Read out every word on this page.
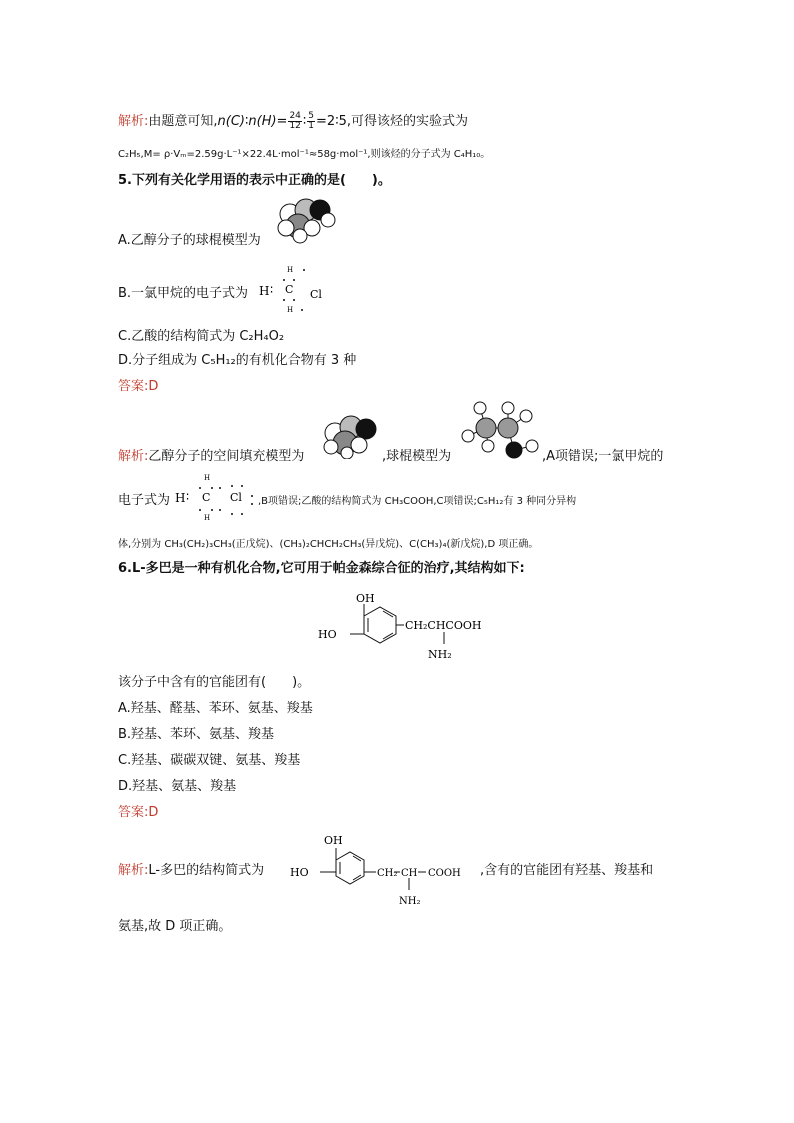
解析:由题意可知,n(C)∶n(H)= $\frac{24}{12}$ ∶ $\frac{5}{1}$ =2∶5,可得该烃的实验式为
C₂H₅,M= ρ·Vₘ=2.59g·L⁻¹×22.4L·mol⁻¹≈58g·mol⁻¹,则该烃的分子式为 C₄H₁₀。
5.下列有关化学用语的表示中正确的是(　　)。
A.乙醇分子的球棍模型为
B.一氯甲烷的电子式为 H ∶
H
C
H
Cl
C.乙酸的结构简式为 C₂H₄O₂
D.分子组成为 C₅H₁₂的有机化合物有 3 种
答案:D
解析:乙醇分子的空间填充模型为	,球棍模型为	,A项错误;一氯甲烷的
电子式为 H ∶
H
C
H
Cl ,B项错误;乙酸的结构简式为 CH₃COOH,C项错误;C₅H₁₂有 3 种同分异构
体,分别为 CH₃(CH₂)₃CH₃(正戊烷)、(CH₃)₂CHCH₂CH₃(异戊烷)、C(CH₃)₄(新戊烷),D 项正确。
6.L-多巴是一种有机化合物,它可用于帕金森综合征的治疗,其结构如下:
OH
HO
CH₂CHCOOH
NH₂
该分子中含有的官能团有(　　)。
A.羟基、醛基、苯环、氨基、羧基
B.羟基、苯环、氨基、羧基
C.羟基、碳碳双键、氨基、羧基
D.羟基、氨基、羧基
答案:D
解析:L-多巴的结构简式为
OH
HO	CH₂ CH COOH
NH₂
,含有的官能团有羟基、羧基和
氨基,故 D 项正确。
